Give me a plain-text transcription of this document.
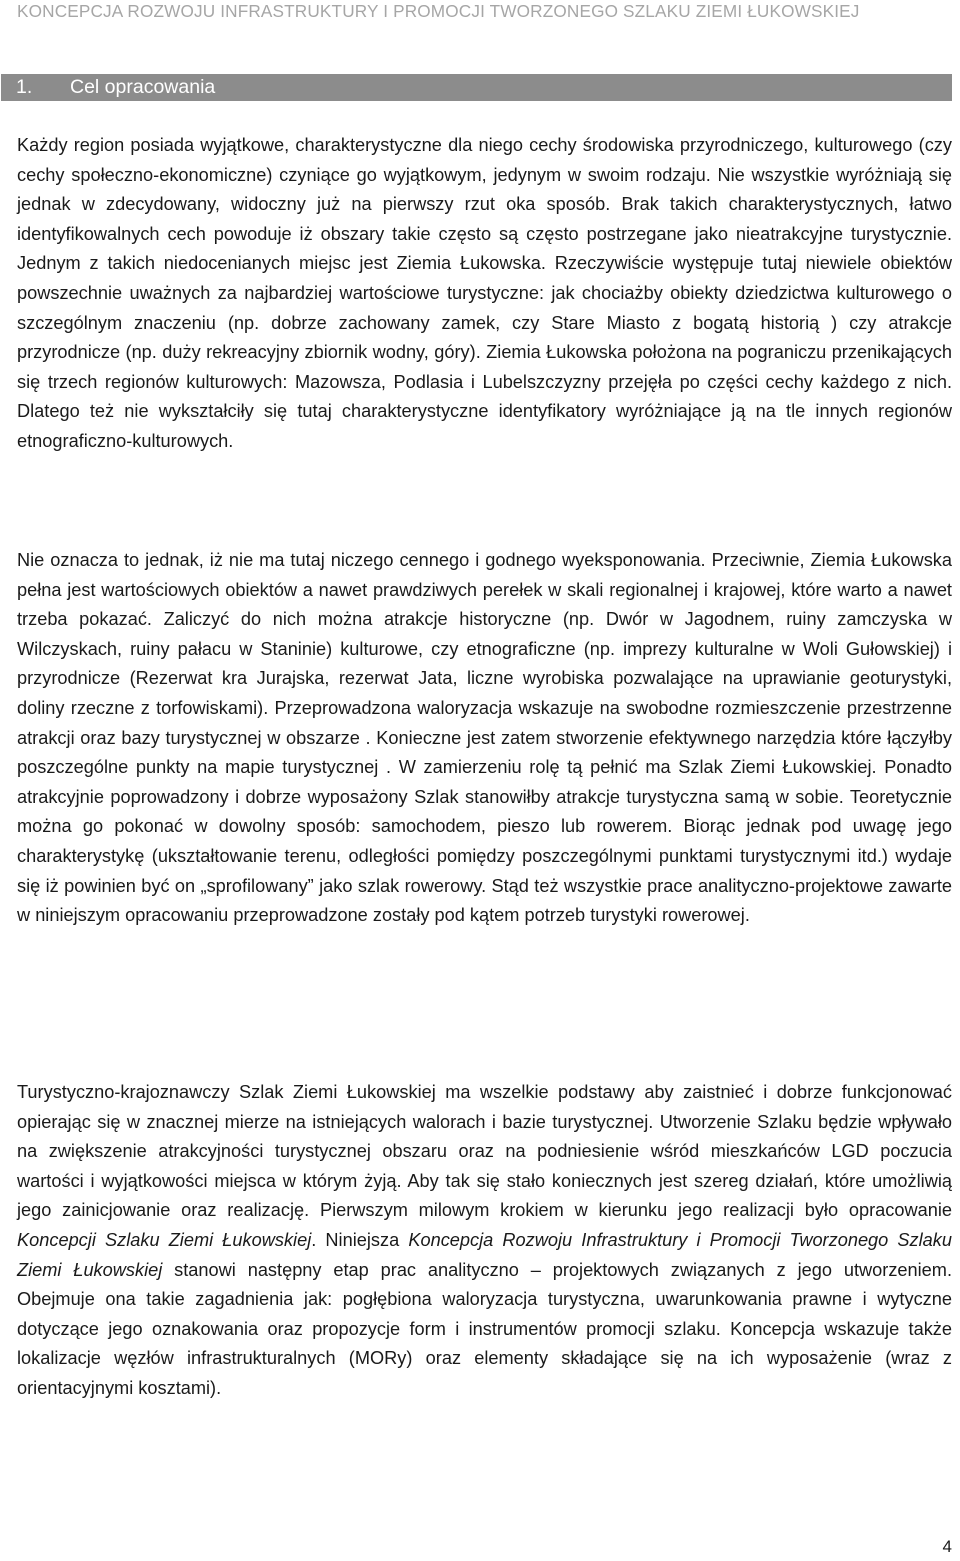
KONCEPCJA ROZWOJU INFRASTRUKTURY I PROMOCJI TWORZONEGO SZLAKU ZIEMI ŁUKOWSKIEJ
1. Cel opracowania

Każdy region posiada wyjątkowe, charakterystyczne dla niego cechy środowiska przyrodniczego, kulturowego (czy cechy społeczno-ekonomiczne) czyniące go wyjątkowym, jedynym w swoim rodzaju. Nie wszystkie wyróżniają się jednak w zdecydowany, widoczny już na pierwszy rzut oka sposób. Brak takich charakterystycznych, łatwo identyfikowalnych cech powoduje iż obszary takie często są często postrzegane jako nieatrakcyjne turystycznie. Jednym z takich niedocenianych miejsc jest Ziemia Łukowska. Rzeczywiście występuje tutaj niewiele obiektów powszechnie uważnych za najbardziej wartościowe turystyczne: jak chociażby obiekty dziedzictwa kulturowego o szczególnym znaczeniu (np. dobrze zachowany zamek, czy Stare Miasto z bogatą historią ) czy atrakcje przyrodnicze (np. duży rekreacyjny zbiornik wodny, góry). Ziemia Łukowska położona na pograniczu przenikających się trzech regionów kulturowych: Mazowsza, Podlasia i Lubelszczyzny przejęła po części cechy każdego z nich. Dlatego też nie wykształciły się tutaj charakterystyczne identyfikatory wyróżniające ją na tle innych regionów etnograficzno-kulturowych.

Nie oznacza to jednak, iż nie ma tutaj niczego cennego i godnego wyeksponowania. Przeciwnie, Ziemia Łukowska pełna jest wartościowych obiektów a nawet prawdziwych perełek w skali regionalnej i krajowej, które warto a nawet trzeba pokazać. Zaliczyć do nich można atrakcje historyczne (np. Dwór w Jagodnem, ruiny zamczyska w Wilczyskach, ruiny pałacu w Staninie) kulturowe, czy etnograficzne (np. imprezy kulturalne w Woli Gułowskiej) i przyrodnicze (Rezerwat kra Jurajska, rezerwat Jata, liczne wyrobiska pozwalające na uprawianie geoturystyki, doliny rzeczne z torfowiskami). Przeprowadzona waloryzacja wskazuje na swobodne rozmieszczenie przestrzenne atrakcji oraz bazy turystycznej w obszarze . Konieczne jest zatem stworzenie efektywnego narzędzia które łączyłby poszczególne punkty na mapie turystycznej . W zamierzeniu rolę tą pełnić ma Szlak Ziemi Łukowskiej. Ponadto atrakcyjnie poprowadzony i dobrze wyposażony Szlak stanowiłby atrakcje turystyczna samą w sobie. Teoretycznie można go pokonać w dowolny sposób: samochodem, pieszo lub rowerem. Biorąc jednak pod uwagę jego charakterystykę (ukształtowanie terenu, odległości pomiędzy poszczególnymi punktami turystycznymi itd.) wydaje się iż powinien być on „sprofilowany” jako szlak rowerowy. Stąd też wszystkie prace analityczno-projektowe zawarte w niniejszym opracowaniu przeprowadzone zostały pod kątem potrzeb turystyki rowerowej.

Turystyczno-krajoznawczy Szlak Ziemi Łukowskiej ma wszelkie podstawy aby zaistnieć i dobrze funkcjonować opierając się w znacznej mierze na istniejących walorach i bazie turystycznej. Utworzenie Szlaku będzie wpływało na zwiększenie atrakcyjności turystycznej obszaru oraz na podniesienie wśród mieszkańców LGD poczucia wartości i wyjątkowości miejsca w którym żyją. Aby tak się stało koniecznych jest szereg działań, które umożliwią jego zainicjowanie oraz realizację. Pierwszym milowym krokiem w kierunku jego realizacji było opracowanie Koncepcji Szlaku Ziemi Łukowskiej. Niniejsza Koncepcja Rozwoju Infrastruktury i Promocji Tworzonego Szlaku Ziemi Łukowskiej stanowi następny etap prac analityczno – projektowych związanych z jego utworzeniem. Obejmuje ona takie zagadnienia jak: pogłębiona waloryzacja turystyczna, uwarunkowania prawne i wytyczne dotyczące jego oznakowania oraz propozycje form i instrumentów promocji szlaku. Koncepcja wskazuje także lokalizacje węzłów infrastrukturalnych (MORy) oraz elementy składające się na ich wyposażenie (wraz z orientacyjnymi kosztami).

4
